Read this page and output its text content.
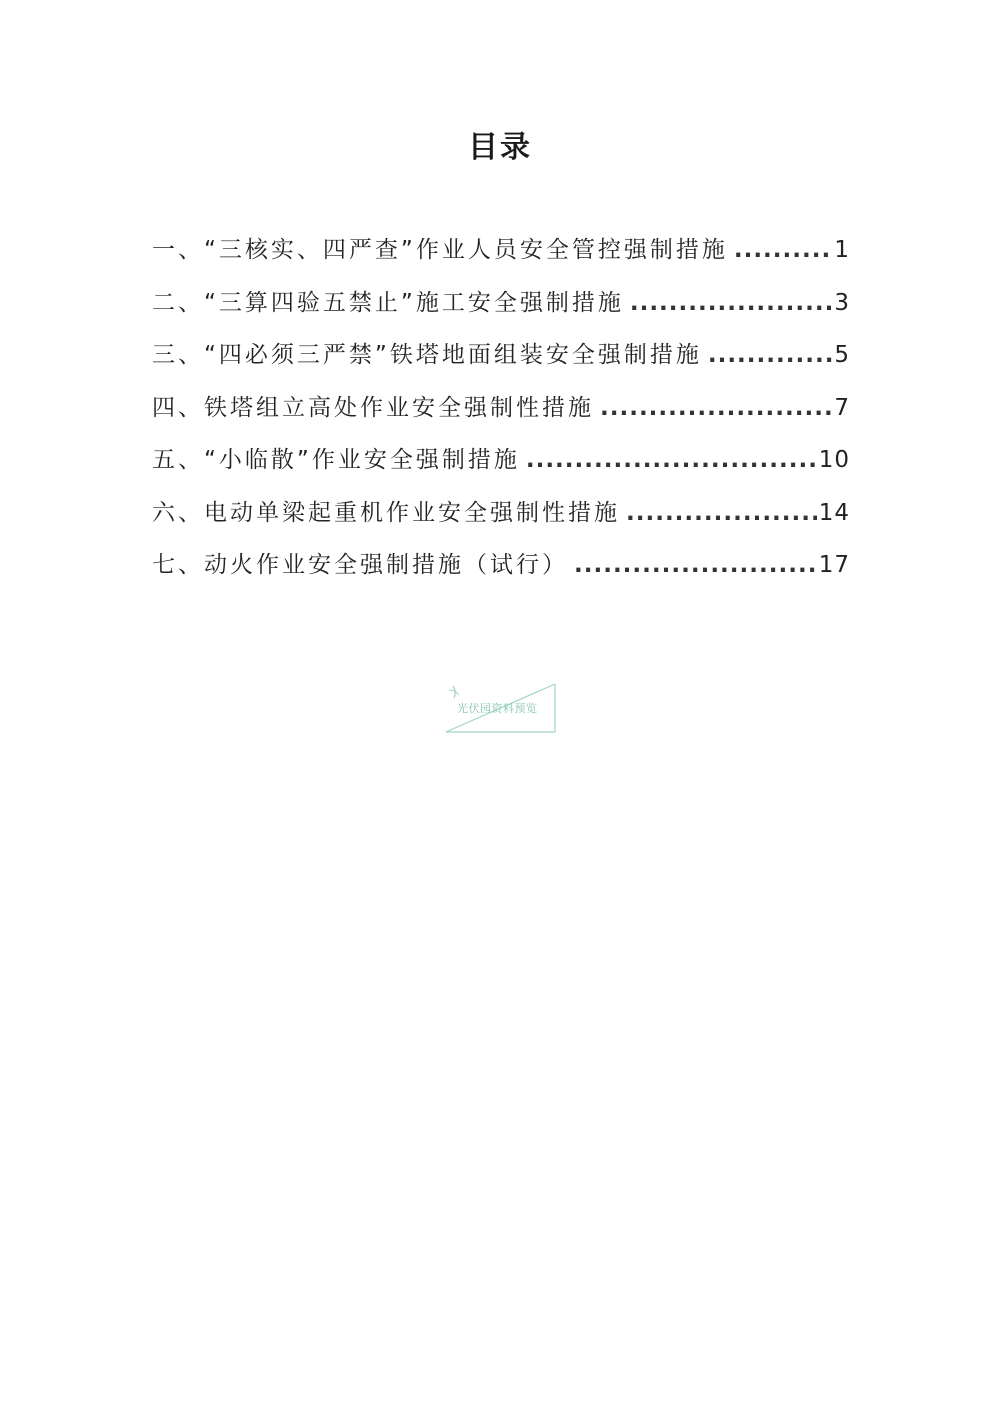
目录
一、“三核实、四严查”作业人员安全管控强制措施 .....	1
二、“三算四验五禁止”施工安全强制措施 .....	3
三、“四必须三严禁”铁塔地面组装安全强制措施 .....	5
四、铁塔组立高处作业安全强制性措施 .....	7
五、“小临散”作业安全强制措施 .....	10
六、电动单梁起重机作业安全强制性措施 .....	14
七、动火作业安全强制措施（试行） .....	17
光伏园资料预览
